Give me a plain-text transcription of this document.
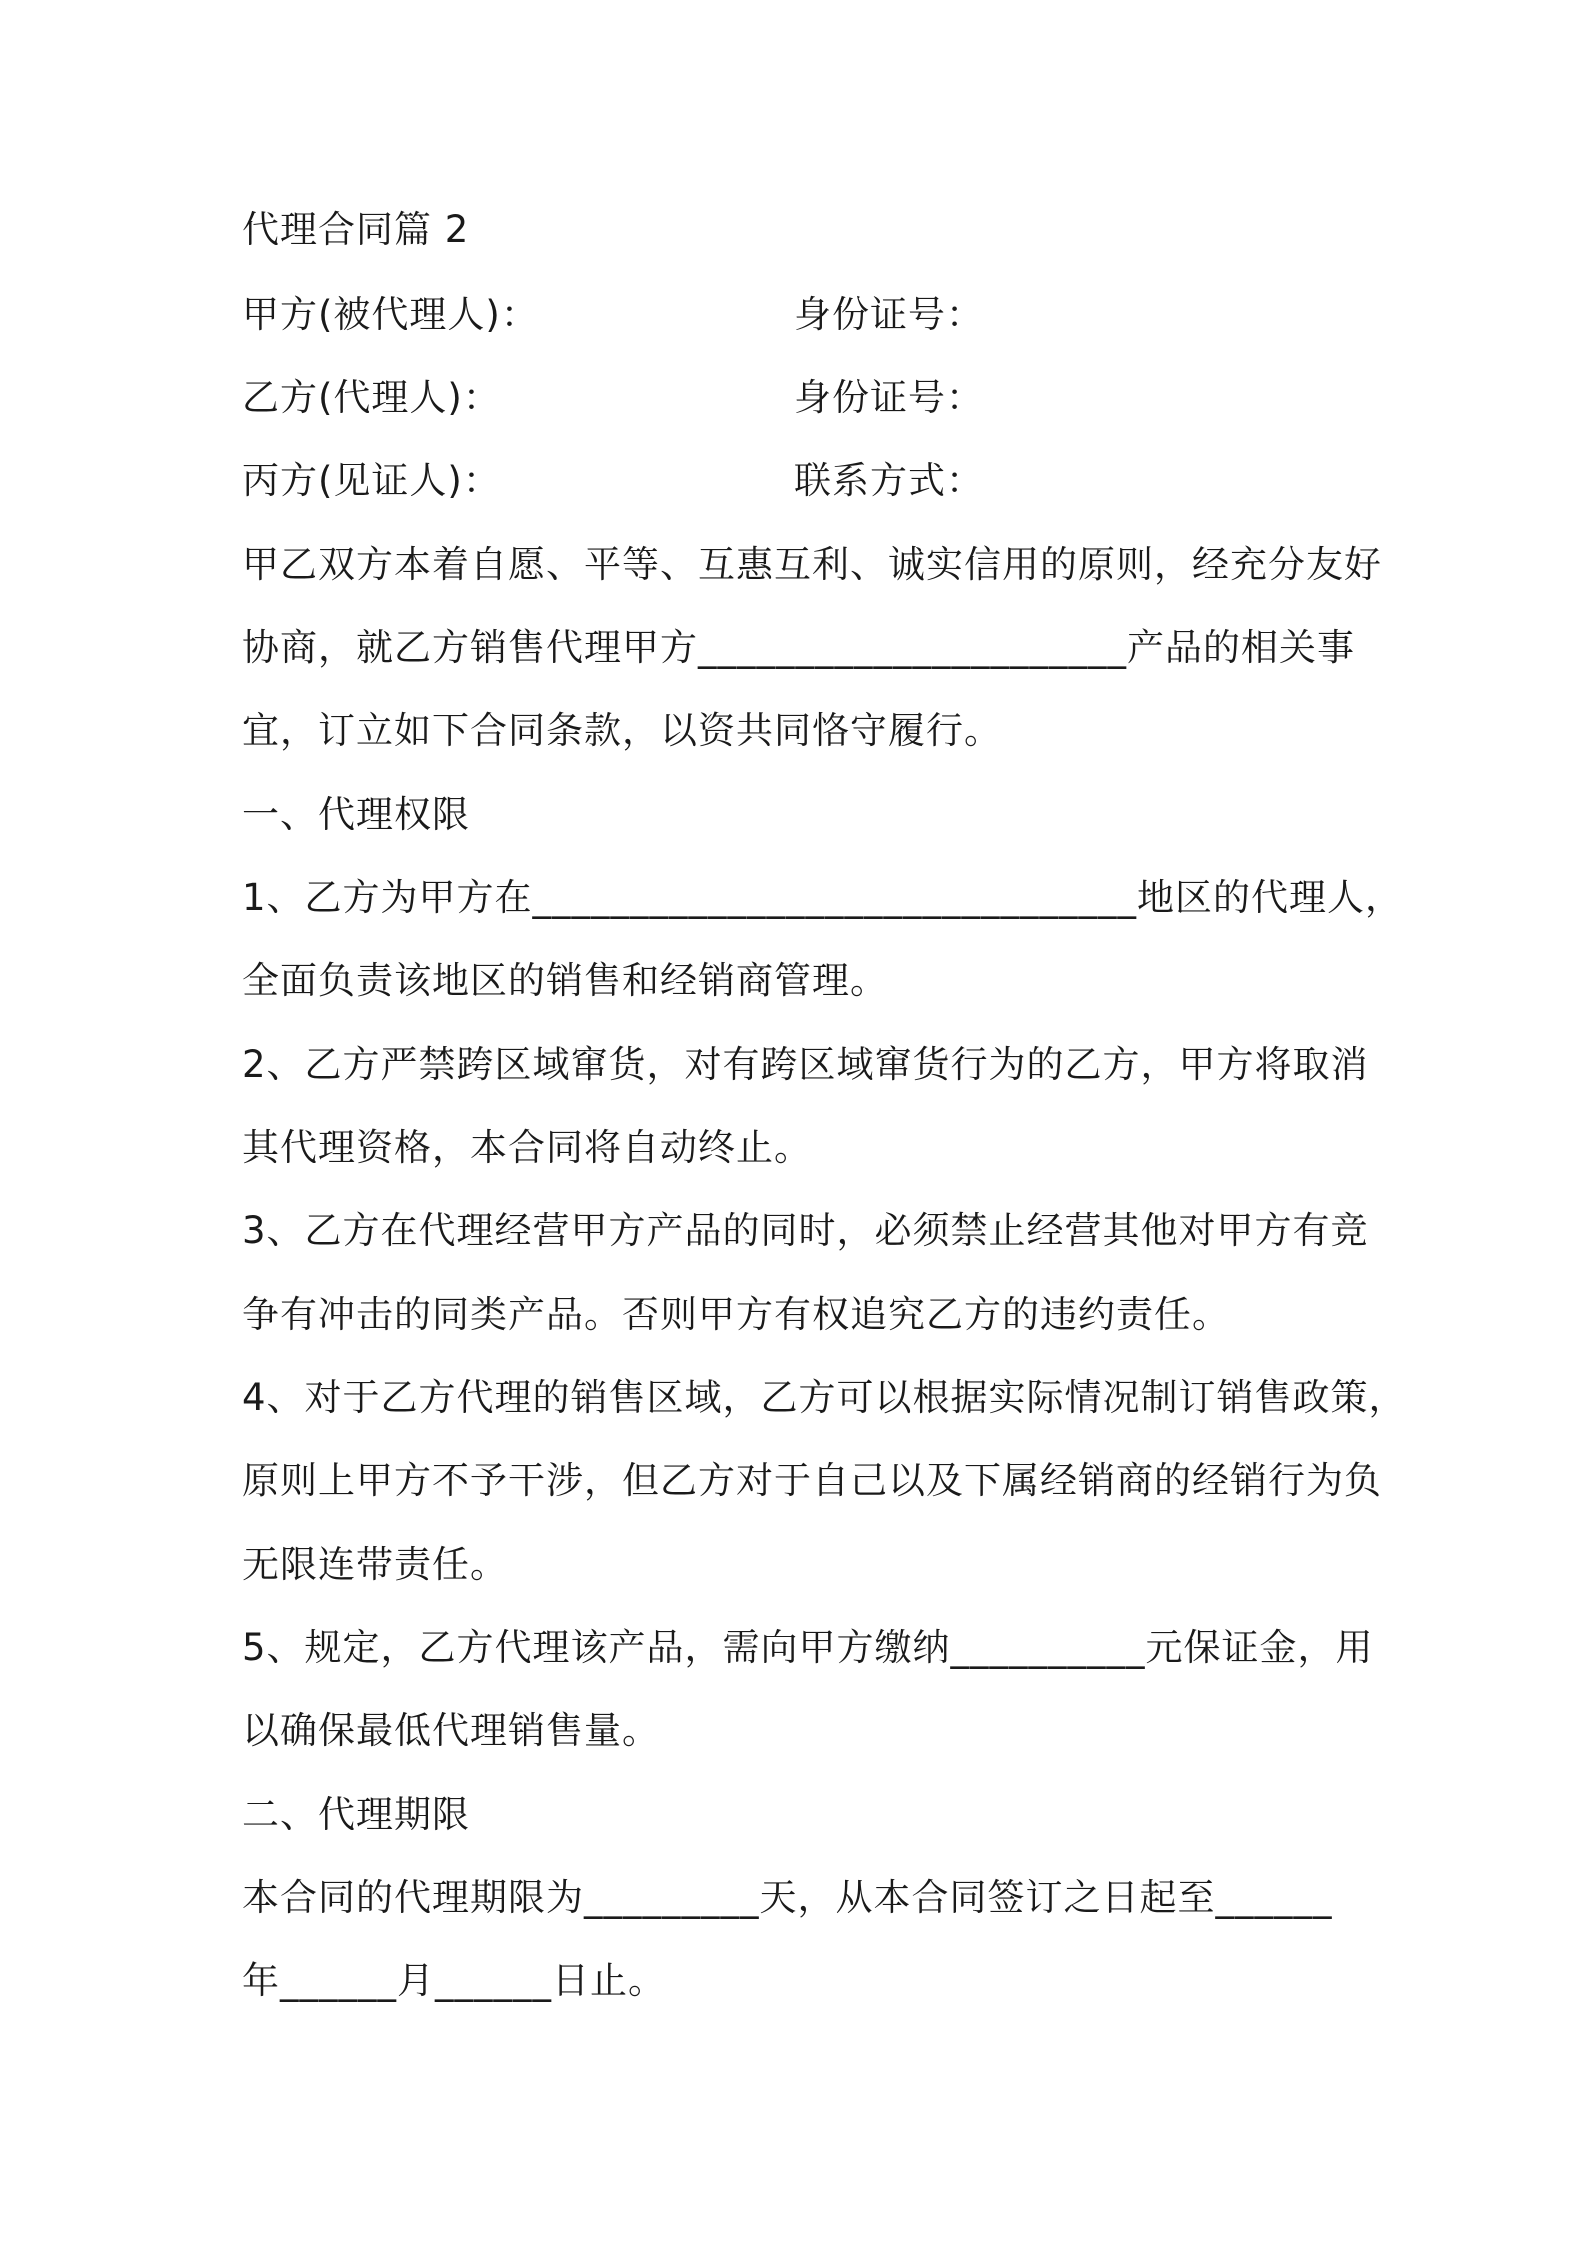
代理合同篇 2
甲方(被代理人)：	身份证号：
乙方(代理人)：	身份证号：
丙方(见证人)：	联系方式：
甲乙双方本着自愿、平等、互惠互利、诚实信用的原则，经充分友好
协商，就乙方销售代理甲方______________________产品的相关事
宜，订立如下合同条款，以资共同恪守履行。
一、代理权限
1、乙方为甲方在_______________________________地区的代理人，
全面负责该地区的销售和经销商管理。
2、乙方严禁跨区域窜货，对有跨区域窜货行为的乙方，甲方将取消
其代理资格，本合同将自动终止。
3、乙方在代理经营甲方产品的同时，必须禁止经营其他对甲方有竞
争有冲击的同类产品。否则甲方有权追究乙方的违约责任。
4、对于乙方代理的销售区域，乙方可以根据实际情况制订销售政策，
原则上甲方不予干涉，但乙方对于自己以及下属经销商的经销行为负
无限连带责任。
5、规定，乙方代理该产品，需向甲方缴纳__________元保证金，用
以确保最低代理销售量。
二、代理期限
本合同的代理期限为_________天，从本合同签订之日起至______
年______月______日止。
